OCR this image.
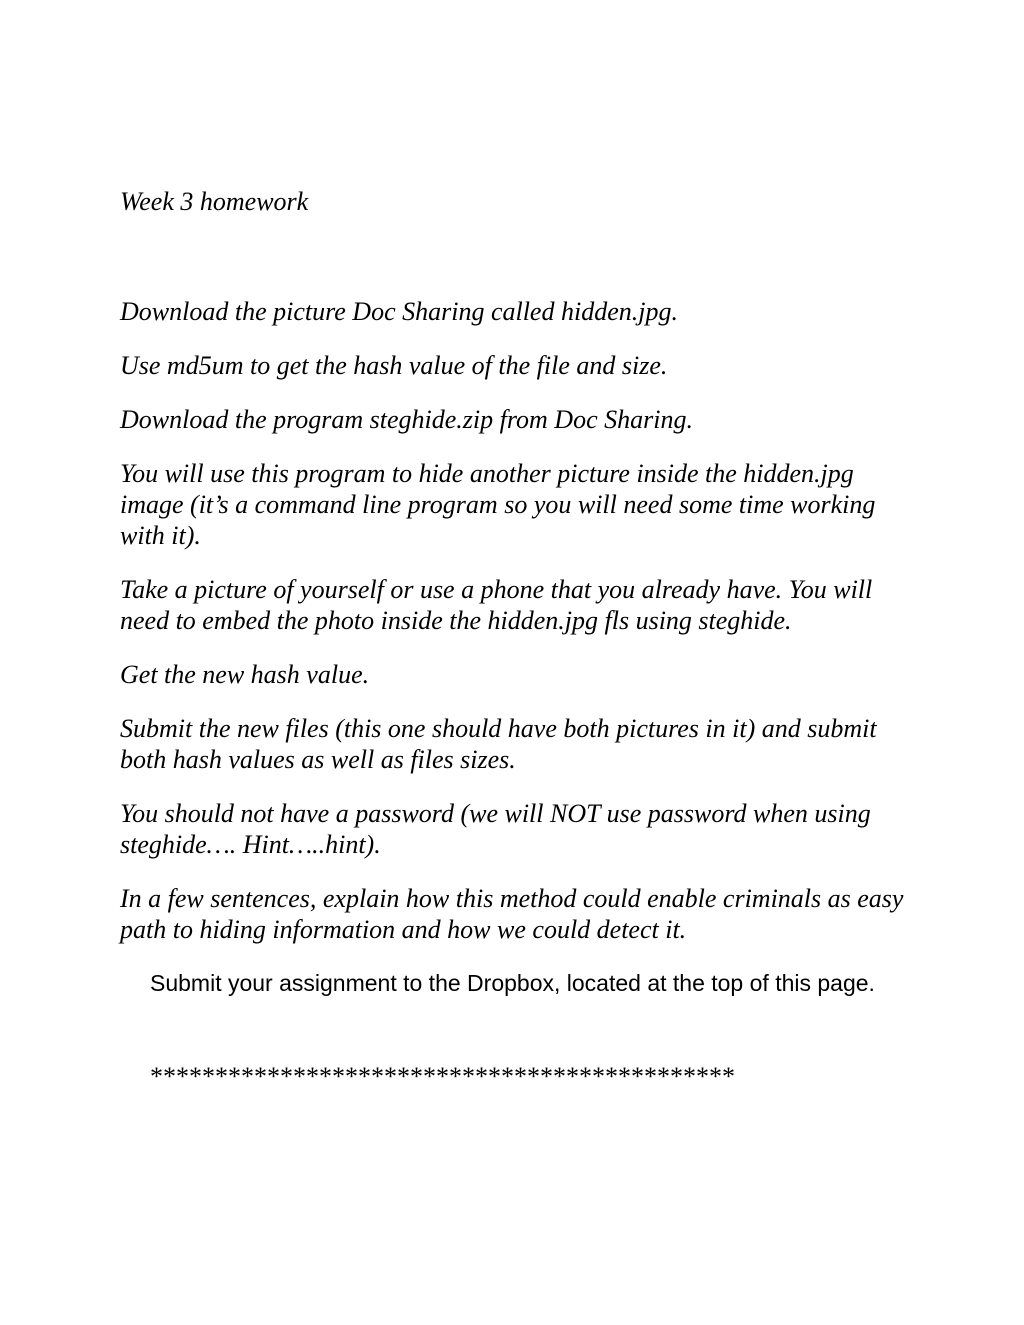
Week 3 homework

Download the picture Doc Sharing called hidden.jpg.

Use md5um to get the hash value of the file and size.

Download the program steghide.zip from Doc Sharing.

You will use this program to hide another picture inside the hidden.jpg image (it’s a command line program so you will need some time working with it).

Take a picture of yourself or use a phone that you already have. You will need to embed the photo inside the hidden.jpg fls using steghide.

Get the new hash value.

Submit the new files (this one should have both pictures in it) and submit both hash values as well as files sizes.

You should not have a password (we will NOT use password when using steghide…. Hint…..hint).

In a few sentences, explain how this method could enable criminals as easy path to hiding information and how we could detect it.

Submit your assignment to the Dropbox, located at the top of this page.

*********************************************
